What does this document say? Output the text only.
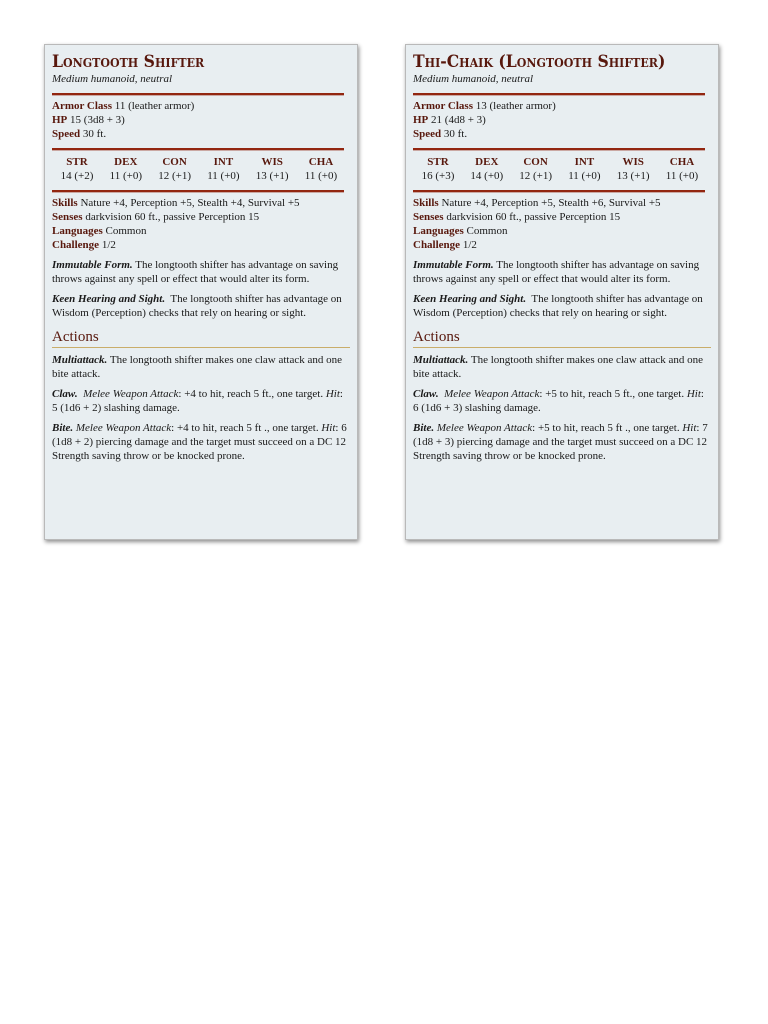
Longtooth Shifter
Medium humanoid, neutral
Armor Class 11 (leather armor)
HP 15 (3d8 + 3)
Speed 30 ft.
STR
14 (+2)
DEX
11 (+0)
CON
12 (+1)
INT
11 (+0)
WIS
13 (+1)
CHA
11 (+0)
Skills Nature +4, Perception +5, Stealth +4, Survival +5
Senses darkvision 60 ft., passive Perception 15
Languages Common
Challenge 1/2
Immutable Form. The longtooth shifter has advantage on saving throws against any spell or effect that would alter its form.
Keen Hearing and Sight. The longtooth shifter has advantage on Wisdom (Perception) checks that rely on hearing or sight.
Actions
Multiattack. The longtooth shifter makes one claw attack and one bite attack.
Claw. Melee Weapon Attack: +4 to hit, reach 5 ft., one target. Hit: 5 (1d6 + 2) slashing damage.
Bite. Melee Weapon Attack: +4 to hit, reach 5 ft ., one target. Hit: 6 (1d8 + 2) piercing damage and the target must succeed on a DC 12 Strength saving throw or be knocked prone.
Thi-Chaik (Longtooth Shifter)
Medium humanoid, neutral
Armor Class 13 (leather armor)
HP 21 (4d8 + 3)
Speed 30 ft.
STR
16 (+3)
DEX
14 (+0)
CON
12 (+1)
INT
11 (+0)
WIS
13 (+1)
CHA
11 (+0)
Skills Nature +4, Perception +5, Stealth +6, Survival +5
Senses darkvision 60 ft., passive Perception 15
Languages Common
Challenge 1/2
Immutable Form. The longtooth shifter has advantage on saving throws against any spell or effect that would alter its form.
Keen Hearing and Sight. The longtooth shifter has advantage on Wisdom (Perception) checks that rely on hearing or sight.
Actions
Multiattack. The longtooth shifter makes one claw attack and one bite attack.
Claw. Melee Weapon Attack: +5 to hit, reach 5 ft., one target. Hit: 6 (1d6 + 3) slashing damage.
Bite. Melee Weapon Attack: +5 to hit, reach 5 ft ., one target. Hit: 7 (1d8 + 3) piercing damage and the target must succeed on a DC 12 Strength saving throw or be knocked prone.
